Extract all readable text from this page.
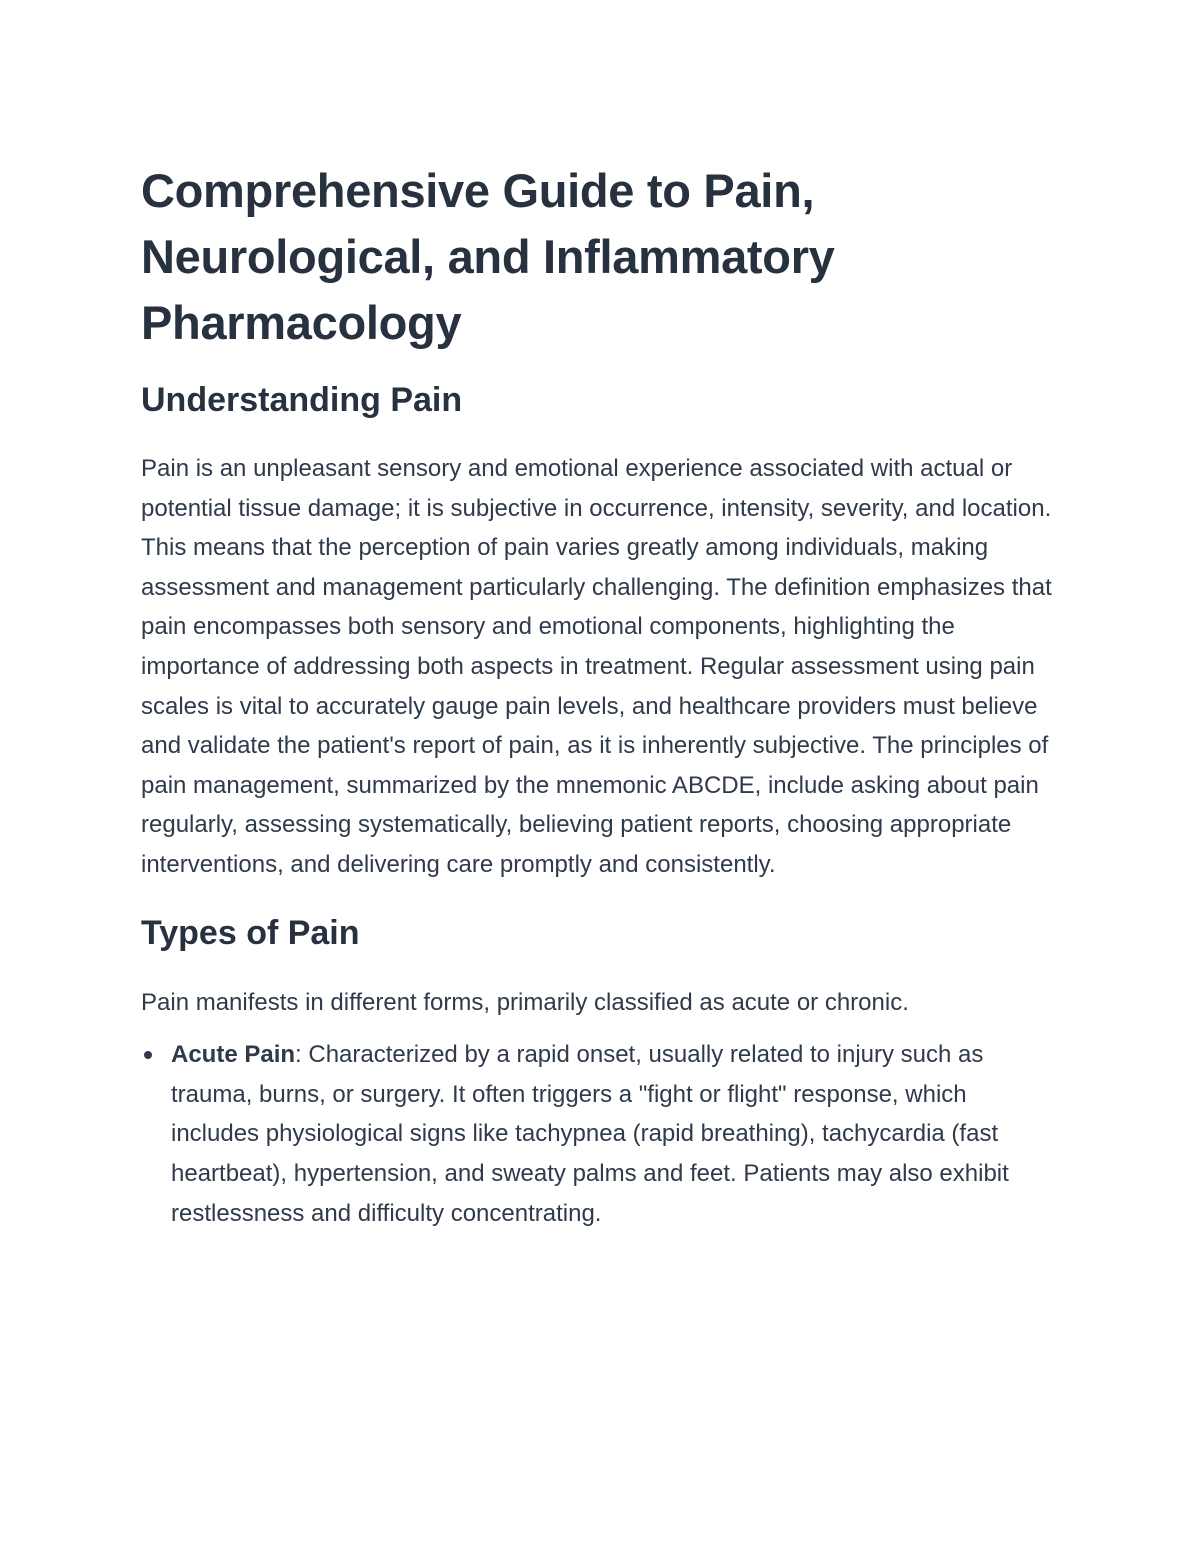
Comprehensive Guide to Pain, Neurological, and Inflammatory Pharmacology
Understanding Pain

Pain is an unpleasant sensory and emotional experience associated with actual or potential tissue damage; it is subjective in occurrence, intensity, severity, and location. This means that the perception of pain varies greatly among individuals, making assessment and management particularly challenging. The definition emphasizes that pain encompasses both sensory and emotional components, highlighting the importance of addressing both aspects in treatment. Regular assessment using pain scales is vital to accurately gauge pain levels, and healthcare providers must believe and validate the patient's report of pain, as it is inherently subjective. The principles of pain management, summarized by the mnemonic ABCDE, include asking about pain regularly, assessing systematically, believing patient reports, choosing appropriate interventions, and delivering care promptly and consistently.

Types of Pain

Pain manifests in different forms, primarily classified as acute or chronic.

Acute Pain: Characterized by a rapid onset, usually related to injury such as trauma, burns, or surgery. It often triggers a "fight or flight" response, which includes physiological signs like tachypnea (rapid breathing), tachycardia (fast heartbeat), hypertension, and sweaty palms and feet. Patients may also exhibit restlessness and difficulty concentrating.
